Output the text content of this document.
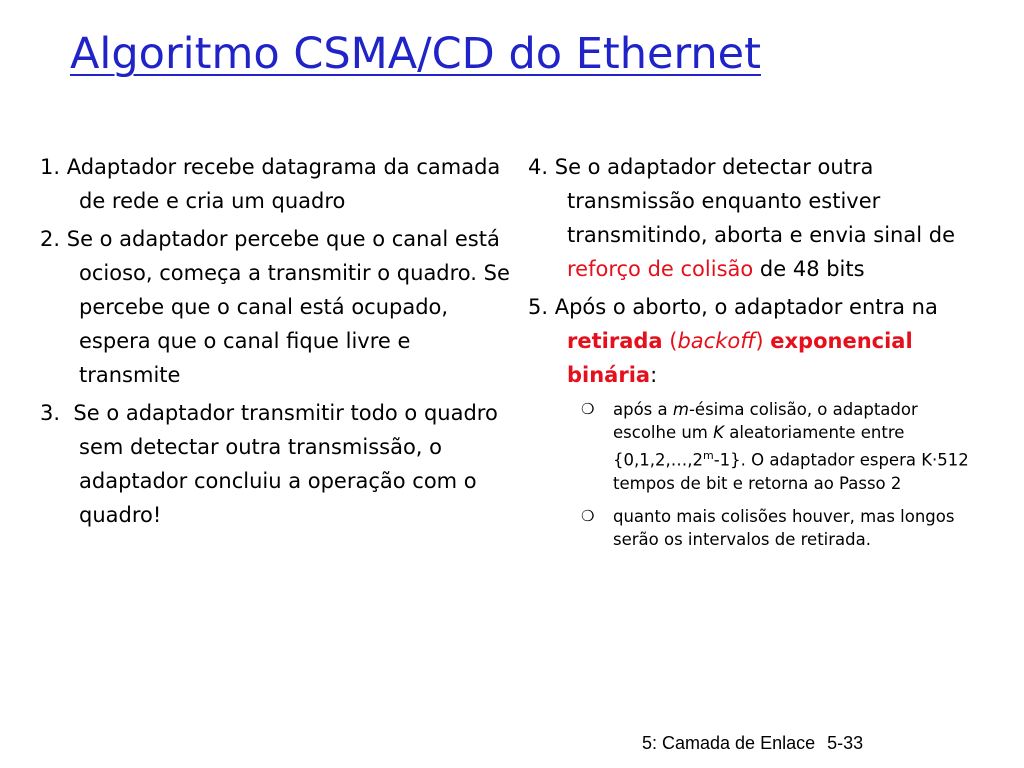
Algoritmo CSMA/CD do Ethernet

1. Adaptador recebe datagrama da camada de rede e cria um quadro

2. Se o adaptador percebe que o canal está ocioso, começa a transmitir o quadro. Se percebe que o canal está ocupado, espera que o canal fique livre e transmite

3. Se o adaptador transmitir todo o quadro sem detectar outra transmissão, o adaptador concluiu a operação com o quadro!

4. Se o adaptador detectar outra transmissão enquanto estiver transmitindo, aborta e envia sinal de reforço de colisão de 48 bits

5. Após o aborto, o adaptador entra na retirada (backoff) exponencial binária:

❍ após a m-ésima colisão, o adaptador escolhe um K aleatoriamente entre {0,1,2,…,2$^m$-1}. O adaptador espera K·512 tempos de bit e retorna ao Passo 2
❍ quanto mais colisões houver, mas longos serão os intervalos de retirada.
5: Camada de Enlace 5-33
